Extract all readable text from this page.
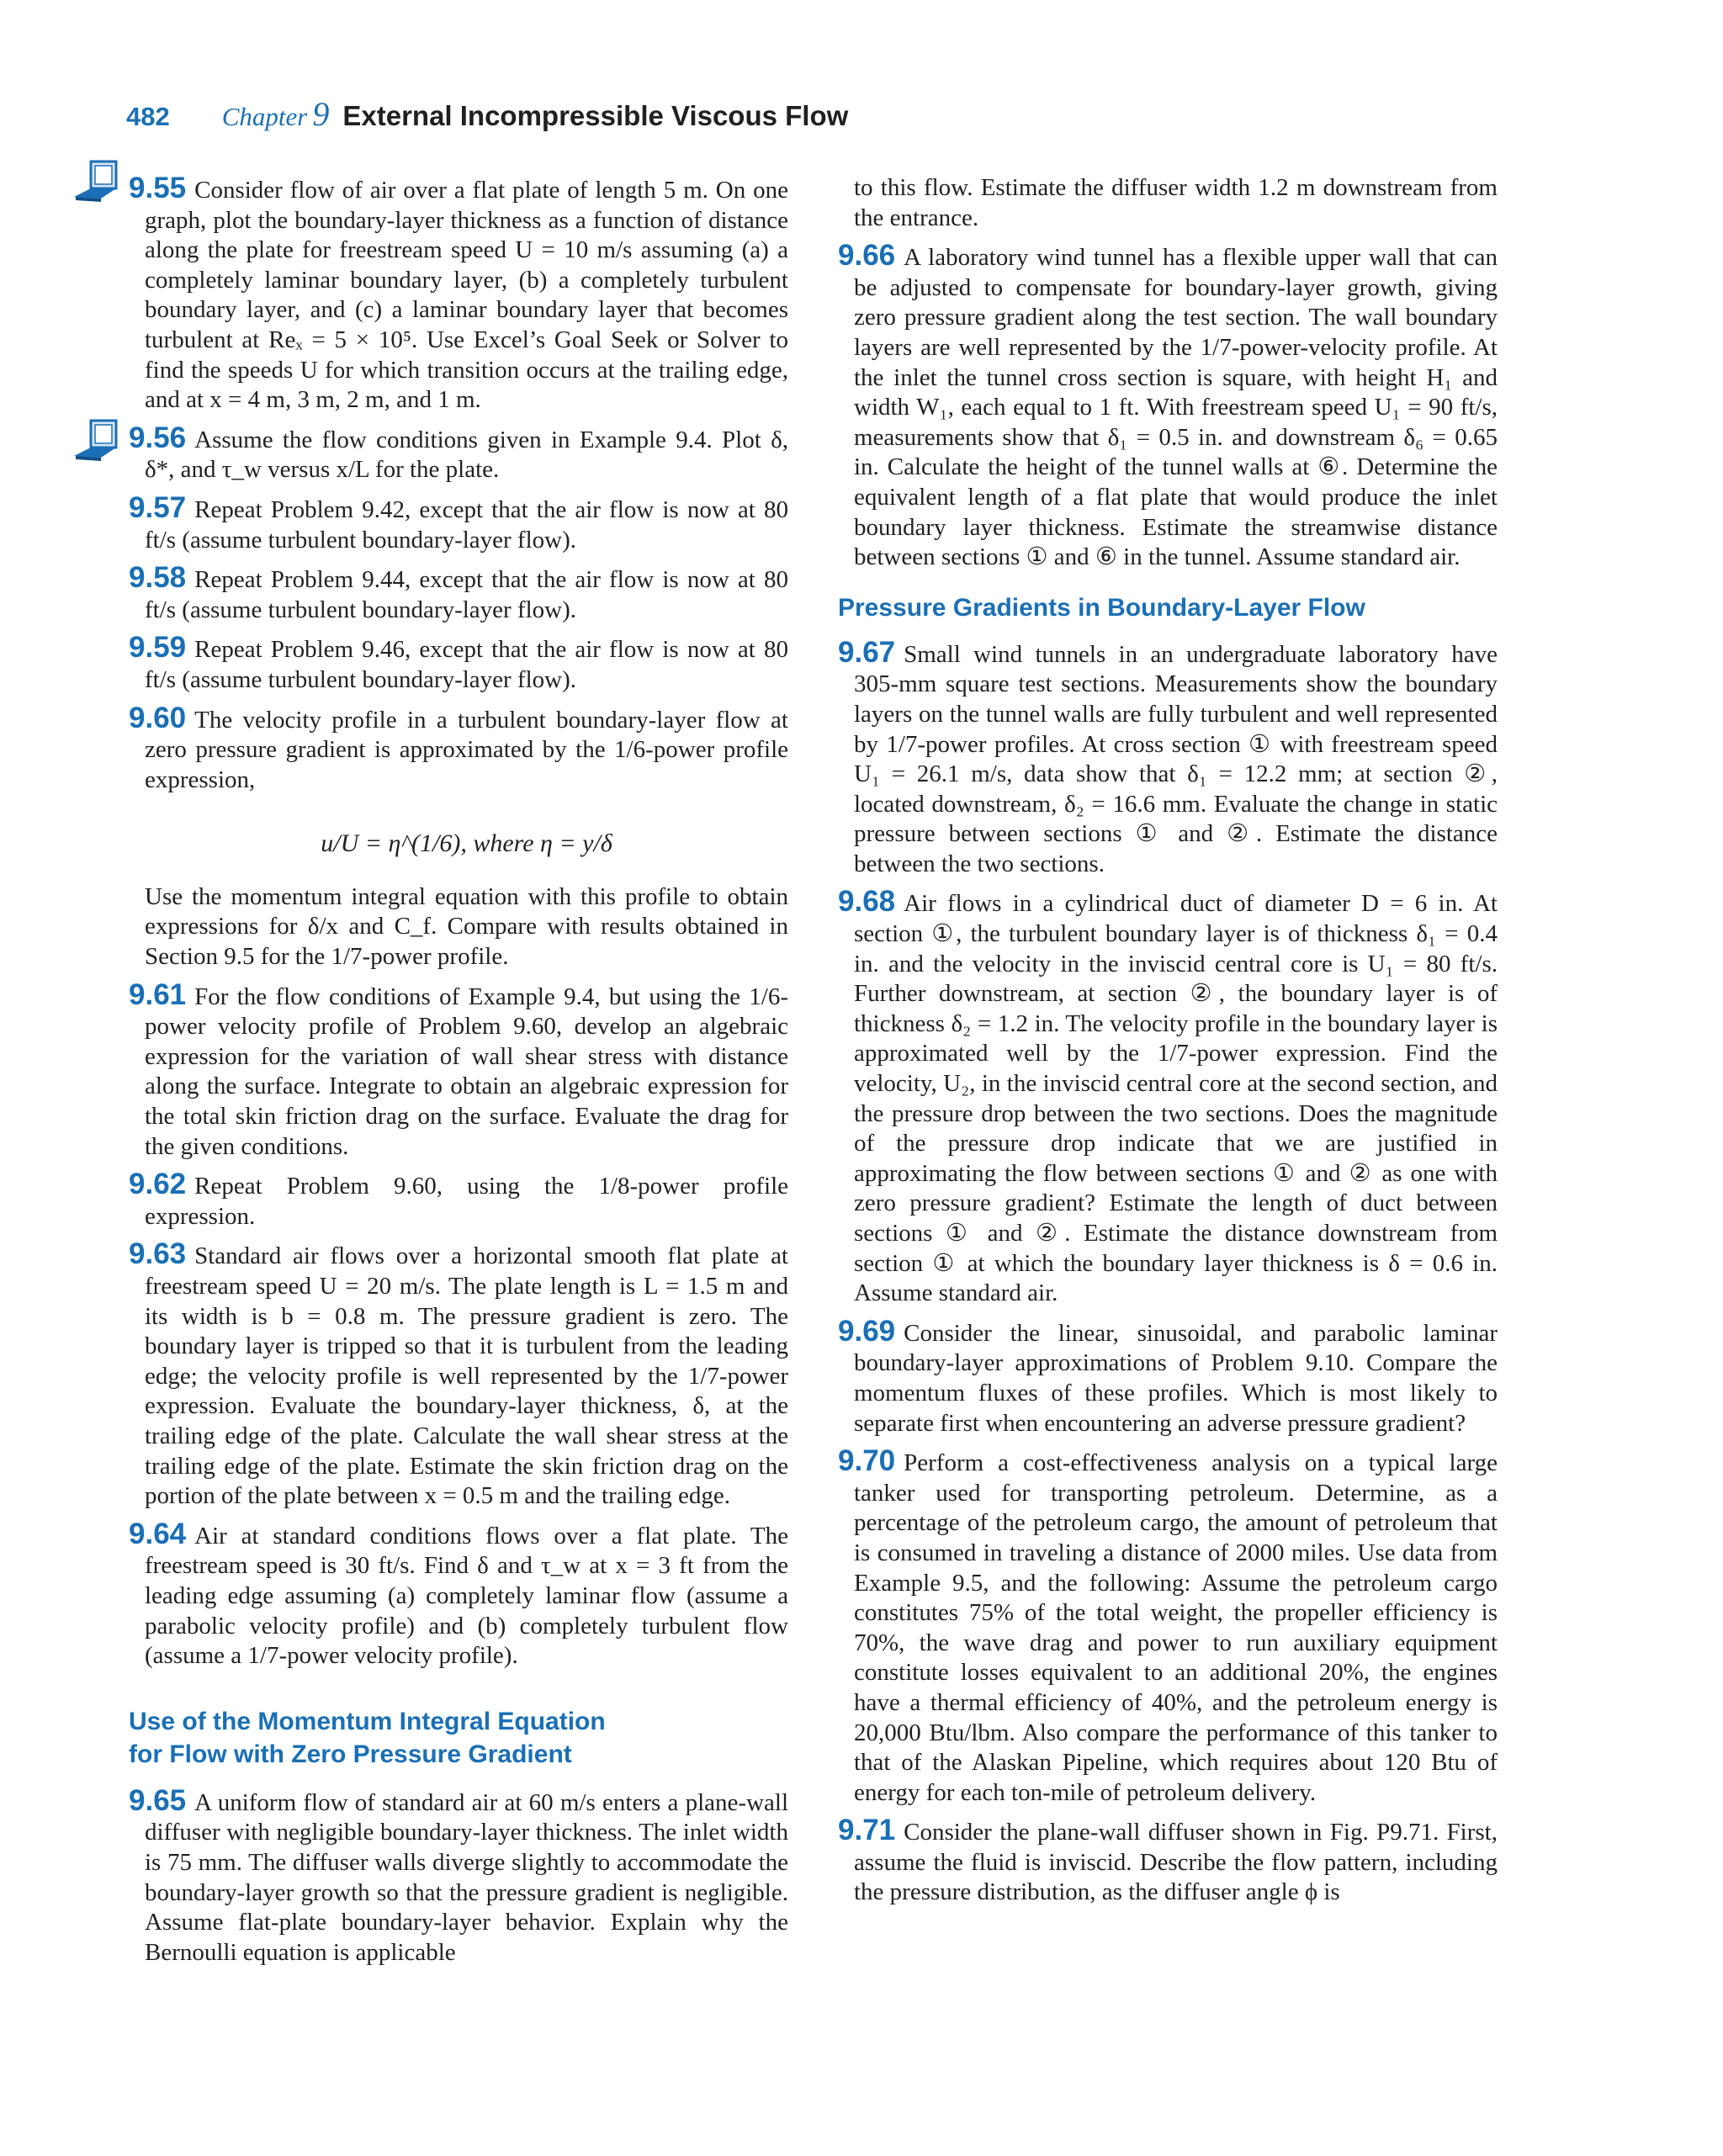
482 Chapter 9 External Incompressible Viscous Flow
9.55 Consider flow of air over a flat plate of length 5 m. On one graph, plot the boundary-layer thickness as a function of distance along the plate for freestream speed U = 10 m/s assuming (a) a completely laminar boundary layer, (b) a completely turbulent boundary layer, and (c) a laminar boundary layer that becomes turbulent at Reₓ = 5 × 10⁵. Use Excel’s Goal Seek or Solver to find the speeds U for which transition occurs at the trailing edge, and at x = 4 m, 3 m, 2 m, and 1 m.
9.56 Assume the flow conditions given in Example 9.4. Plot δ, δ*, and τ_w versus x/L for the plate.
9.57 Repeat Problem 9.42, except that the air flow is now at 80 ft/s (assume turbulent boundary-layer flow).
9.58 Repeat Problem 9.44, except that the air flow is now at 80 ft/s (assume turbulent boundary-layer flow).
9.59 Repeat Problem 9.46, except that the air flow is now at 80 ft/s (assume turbulent boundary-layer flow).
9.60 The velocity profile in a turbulent boundary-layer flow at zero pressure gradient is approximated by the 1/6-power profile expression,
u/U = η^(1/6), where η = y/δ
Use the momentum integral equation with this profile to obtain expressions for δ/x and C_f. Compare with results obtained in Section 9.5 for the 1/7-power profile.
9.61 For the flow conditions of Example 9.4, but using the 1/6-power velocity profile of Problem 9.60, develop an algebraic expression for the variation of wall shear stress with distance along the surface. Integrate to obtain an algebraic expression for the total skin friction drag on the surface. Evaluate the drag for the given conditions.
9.62 Repeat Problem 9.60, using the 1/8-power profile expression.
9.63 Standard air flows over a horizontal smooth flat plate at freestream speed U = 20 m/s. The plate length is L = 1.5 m and its width is b = 0.8 m. The pressure gradient is zero. The boundary layer is tripped so that it is turbulent from the leading edge; the velocity profile is well represented by the 1/7-power expression. Evaluate the boundary-layer thickness, δ, at the trailing edge of the plate. Calculate the wall shear stress at the trailing edge of the plate. Estimate the skin friction drag on the portion of the plate between x = 0.5 m and the trailing edge.
9.64 Air at standard conditions flows over a flat plate. The freestream speed is 30 ft/s. Find δ and τ_w at x = 3 ft from the leading edge assuming (a) completely laminar flow (assume a parabolic velocity profile) and (b) completely turbulent flow (assume a 1/7-power velocity profile).
Use of the Momentum Integral Equation
for Flow with Zero Pressure Gradient
9.65 A uniform flow of standard air at 60 m/s enters a plane-wall diffuser with negligible boundary-layer thickness. The inlet width is 75 mm. The diffuser walls diverge slightly to accommodate the boundary-layer growth so that the pressure gradient is negligible. Assume flat-plate boundary-layer behavior. Explain why the Bernoulli equation is applicable
to this flow. Estimate the diffuser width 1.2 m downstream from the entrance.
9.66 A laboratory wind tunnel has a flexible upper wall that can be adjusted to compensate for boundary-layer growth, giving zero pressure gradient along the test section. The wall boundary layers are well represented by the 1/7-power-velocity profile. At the inlet the tunnel cross section is square, with height H₁ and width W₁, each equal to 1 ft. With freestream speed U₁ = 90 ft/s, measurements show that δ₁ = 0.5 in. and downstream δ₆ = 0.65 in. Calculate the height of the tunnel walls at ⑥. Determine the equivalent length of a flat plate that would produce the inlet boundary layer thickness. Estimate the streamwise distance between sections ① and ⑥ in the tunnel. Assume standard air.
Pressure Gradients in Boundary-Layer Flow
9.67 Small wind tunnels in an undergraduate laboratory have 305-mm square test sections. Measurements show the boundary layers on the tunnel walls are fully turbulent and well represented by 1/7-power profiles. At cross section ① with freestream speed U₁ = 26.1 m/s, data show that δ₁ = 12.2 mm; at section ②, located downstream, δ₂ = 16.6 mm. Evaluate the change in static pressure between sections ① and ②. Estimate the distance between the two sections.
9.68 Air flows in a cylindrical duct of diameter D = 6 in. At section ①, the turbulent boundary layer is of thickness δ₁ = 0.4 in. and the velocity in the inviscid central core is U₁ = 80 ft/s. Further downstream, at section ②, the boundary layer is of thickness δ₂ = 1.2 in. The velocity profile in the boundary layer is approximated well by the 1/7-power expression. Find the velocity, U₂, in the inviscid central core at the second section, and the pressure drop between the two sections. Does the magnitude of the pressure drop indicate that we are justified in approximating the flow between sections ① and ② as one with zero pressure gradient? Estimate the length of duct between sections ① and ②. Estimate the distance downstream from section ① at which the boundary layer thickness is δ = 0.6 in. Assume standard air.
9.69 Consider the linear, sinusoidal, and parabolic laminar boundary-layer approximations of Problem 9.10. Compare the momentum fluxes of these profiles. Which is most likely to separate first when encountering an adverse pressure gradient?
9.70 Perform a cost-effectiveness analysis on a typical large tanker used for transporting petroleum. Determine, as a percentage of the petroleum cargo, the amount of petroleum that is consumed in traveling a distance of 2000 miles. Use data from Example 9.5, and the following: Assume the petroleum cargo constitutes 75% of the total weight, the propeller efficiency is 70%, the wave drag and power to run auxiliary equipment constitute losses equivalent to an additional 20%, the engines have a thermal efficiency of 40%, and the petroleum energy is 20,000 Btu/lbm. Also compare the performance of this tanker to that of the Alaskan Pipeline, which requires about 120 Btu of energy for each ton-mile of petroleum delivery.
9.71 Consider the plane-wall diffuser shown in Fig. P9.71. First, assume the fluid is inviscid. Describe the flow pattern, including the pressure distribution, as the diffuser angle ϕ is
